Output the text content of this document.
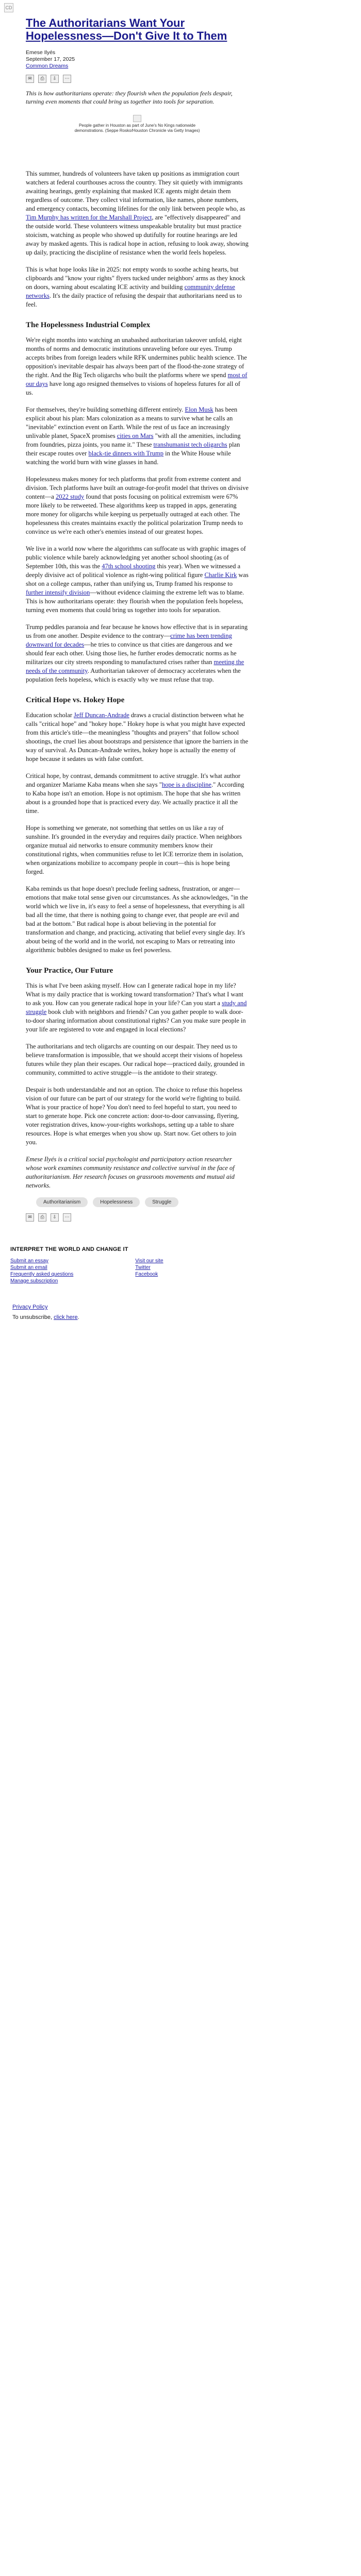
CD
The Authoritarians Want Your Hopelessness—Don't Give It to Them
Emese Ilyés
September 17, 2025
Common Dreams
✉	⎙	⇩	⋯
This is how authoritarians operate: they flourish when the population feels despair, turning even moments that could bring us together into tools for separation.
People gather in Houston as part of June's No Kings nationwide demonstrations. (Seppe Rosko/Houston Chronicle via Getty Images)

This summer, hundreds of volunteers have taken up positions as immigration court watchers at federal courthouses across the country. They sit quietly with immigrants awaiting hearings, gently explaining that masked ICE agents might detain them regardless of outcome. They collect vital information, like names, phone numbers, and emergency contacts, becoming lifelines for the only link between people who, as Tim Murphy has written for the Marshall Project, are "effectively disappeared" and the outside world. These volunteers witness unspeakable brutality but must practice stoicism, watching as people who showed up dutifully for routine hearings are led away by masked agents. This is radical hope in action, refusing to look away, showing up daily, practicing the discipline of resistance when the world feels hopeless.

This is what hope looks like in 2025: not empty words to soothe aching hearts, but clipboards and "know your rights" flyers tucked under neighbors' arms as they knock on doors, warning about escalating ICE activity and building community defense networks. It's the daily practice of refusing the despair that authoritarians need us to feel.

The Hopelessness Industrial Complex

We're eight months into watching an unabashed authoritarian takeover unfold, eight months of norms and democratic institutions unraveling before our eyes. Trump accepts bribes from foreign leaders while RFK undermines public health science. The opposition's inevitable despair has always been part of the flood-the-zone strategy of the right. And the Big Tech oligarchs who built the platforms where we spend most of our days have long ago resigned themselves to visions of hopeless futures for all of us.

For themselves, they're building something different entirely. Elon Musk has been explicit about his plan: Mars colonization as a means to survive what he calls an "inevitable" extinction event on Earth. While the rest of us face an increasingly unlivable planet, SpaceX promises cities on Mars "with all the amenities, including from foundries, pizza joints, you name it." These transhumanist tech oligarchs plan their escape routes over black-tie dinners with Trump in the White House while watching the world burn with wine glasses in hand.

Hopelessness makes money for tech platforms that profit from extreme content and division. Tech platforms have built an outrage-for-profit model that thrives on divisive content—a 2022 study found that posts focusing on political extremism were 67% more likely to be retweeted. These algorithms keep us trapped in apps, generating more money for oligarchs while keeping us perpetually outraged at each other. The hopelessness this creates maintains exactly the political polarization Trump needs to convince us we're each other's enemies instead of our greatest hopes.

We live in a world now where the algorithms can suffocate us with graphic images of public violence while barely acknowledging yet another school shooting (as of September 10th, this was the 47th school shooting this year). When we witnessed a deeply divisive act of political violence as right-wing political figure Charlie Kirk was shot on a college campus, rather than unifying us, Trump framed his response to further intensify division—without evidence claiming the extreme left was to blame. This is how authoritarians operate: they flourish when the population feels hopeless, turning even moments that could bring us together into tools for separation.

Trump peddles paranoia and fear because he knows how effective that is in separating us from one another. Despite evidence to the contrary—crime has been trending downward for decades—he tries to convince us that cities are dangerous and we should fear each other. Using those lies, he further erodes democratic norms as he militarizes our city streets responding to manufactured crises rather than meeting the needs of the community. Authoritarian takeover of democracy accelerates when the population feels hopeless, which is exactly why we must refuse that trap.

Critical Hope vs. Hokey Hope

Education scholar Jeff Duncan-Andrade draws a crucial distinction between what he calls "critical hope" and "hokey hope." Hokey hope is what you might have expected from this article's title—the meaningless "thoughts and prayers" that follow school shootings, the cruel lies about bootstraps and persistence that ignore the barriers in the way of survival. As Duncan-Andrade writes, hokey hope is actually the enemy of hope because it sedates us with false comfort.

Critical hope, by contrast, demands commitment to active struggle. It's what author and organizer Mariame Kaba means when she says "hope is a discipline." According to Kaba hope isn't an emotion. Hope is not optimism. The hope that she has written about is a grounded hope that is practiced every day. We actually practice it all the time.

Hope is something we generate, not something that settles on us like a ray of sunshine. It's grounded in the everyday and requires daily practice. When neighbors organize mutual aid networks to ensure community members know their constitutional rights, when communities refuse to let ICE terrorize them in isolation, when organizations mobilize to accompany people in court—this is hope being forged.

Kaba reminds us that hope doesn't preclude feeling sadness, frustration, or anger—emotions that make total sense given our circumstances. As she acknowledges, "in the world which we live in, it's easy to feel a sense of hopelessness, that everything is all bad all the time, that there is nothing going to change ever, that people are evil and bad at the bottom." But radical hope is about believing in the potential for transformation and change, and practicing, activating that belief every single day. It's about being of the world and in the world, not escaping to Mars or retreating into algorithmic bubbles designed to make us feel powerless.

Your Practice, Our Future

This is what I've been asking myself. How can I generate radical hope in my life? What is my daily practice that is working toward transformation? That's what I want to ask you. How can you generate radical hope in your life? Can you start a study and struggle book club with neighbors and friends? Can you gather people to walk door-to-door sharing information about constitutional rights? Can you make sure people in your life are registered to vote and engaged in local elections?

The authoritarians and tech oligarchs are counting on our despair. They need us to believe transformation is impossible, that we should accept their visions of hopeless futures while they plan their escapes. Our radical hope—practiced daily, grounded in community, committed to active struggle—is the antidote to their strategy.

Despair is both understandable and not an option. The choice to refuse this hopeless vision of our future can be part of our strategy for the world we're fighting to build. What is your practice of hope? You don't need to feel hopeful to start, you need to start to generate hope. Pick one concrete action: door-to-door canvassing, flyering, voter registration drives, know-your-rights workshops, setting up a table to share resources. Hope is what emerges when you show up. Start now. Get others to join you.

Emese Ilyés is a critical social psychologist and participatory action researcher whose work examines community resistance and collective survival in the face of authoritarianism. Her research focuses on grassroots movements and mutual aid networks.
Authoritarianism	Hopelessness	Struggle
✉	⎙	⇩	⋯
INTERPRET THE WORLD AND CHANGE IT
Submit an essay
Submit an email
Frequently asked questions
Manage subscription
Visit our site
Twitter
Facebook
Privacy Policy
To unsubscribe, click here.
